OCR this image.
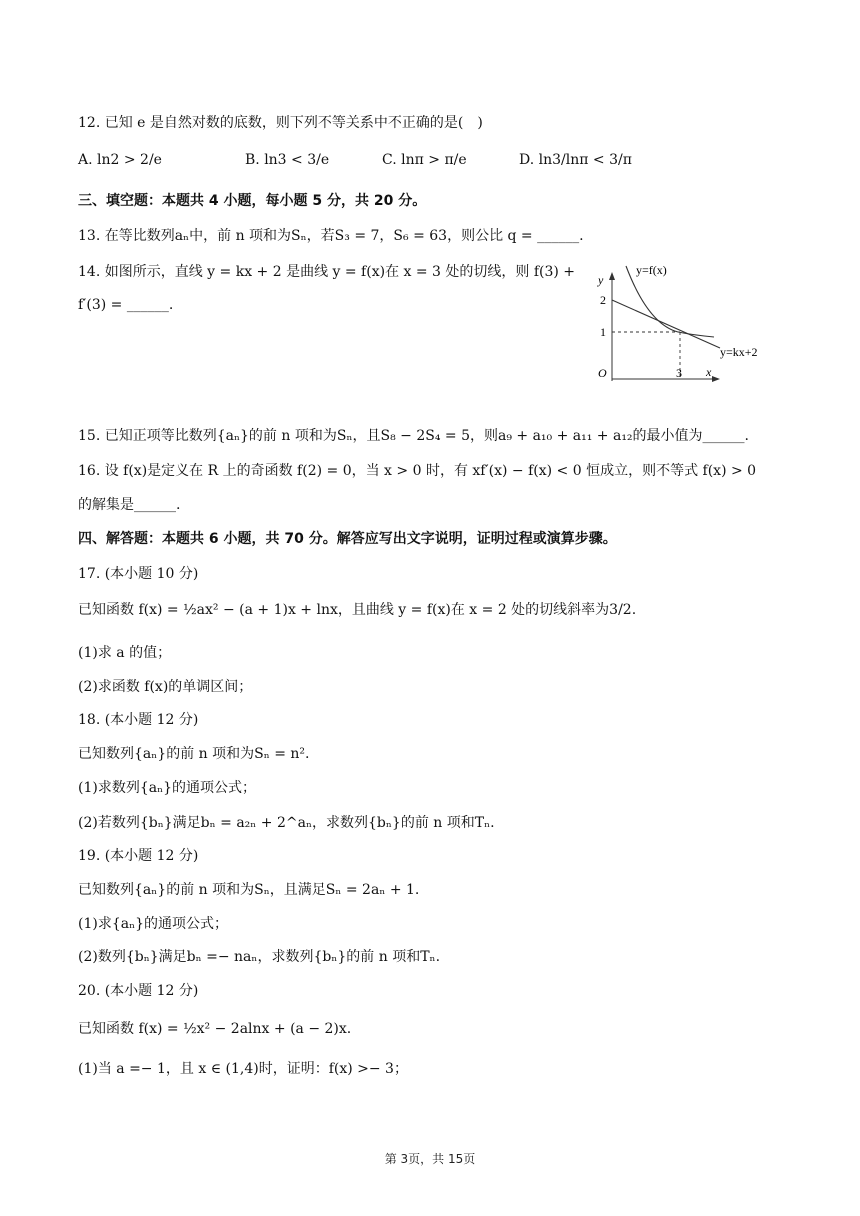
12. 已知 e 是自然对数的底数，则下列不等关系中不正确的是(　)
A. ln2 > 2/e	B. ln3 < 3/e	C. lnπ > π/e	D. ln3/lnπ < 3/π
三、填空题：本题共 4 小题，每小题 5 分，共 20 分。
13. 在等比数列aₙ中，前 n 项和为Sₙ，若S₃ = 7，S₆ = 63，则公比 q = ______.
14. 如图所示，直线 y = kx + 2 是曲线 y = f(x)在 x = 3 处的切线，则 f(3) +
f′(3) = ______.
y=f(x)
y=kx+2
y
x
O
2
1
3
15. 已知正项等比数列{aₙ}的前 n 项和为Sₙ，且S₈ − 2S₄ = 5，则a₉ + a₁₀ + a₁₁ + a₁₂的最小值为______.
16. 设 f(x)是定义在 R 上的奇函数 f(2) = 0，当 x > 0 时，有 xf′(x) − f(x) < 0 恒成立，则不等式 f(x) > 0
的解集是______.
四、解答题：本题共 6 小题，共 70 分。解答应写出文字说明，证明过程或演算步骤。
17. (本小题 10 分)
已知函数 f(x) = ½ax² − (a + 1)x + lnx，且曲线 y = f(x)在 x = 2 处的切线斜率为3/2.
(1)求 a 的值；
(2)求函数 f(x)的单调区间；
18. (本小题 12 分)
已知数列{aₙ}的前 n 项和为Sₙ = n².
(1)求数列{aₙ}的通项公式；
(2)若数列{bₙ}满足bₙ = a₂ₙ + 2^aₙ，求数列{bₙ}的前 n 项和Tₙ.
19. (本小题 12 分)
已知数列{aₙ}的前 n 项和为Sₙ，且满足Sₙ = 2aₙ + 1.
(1)求{aₙ}的通项公式；
(2)数列{bₙ}满足bₙ =− naₙ，求数列{bₙ}的前 n 项和Tₙ.
20. (本小题 12 分)
已知函数 f(x) = ½x² − 2alnx + (a − 2)x.
(1)当 a =− 1，且 x ∈ (1,4)时，证明：f(x) >− 3；
第 3页，共 15页
